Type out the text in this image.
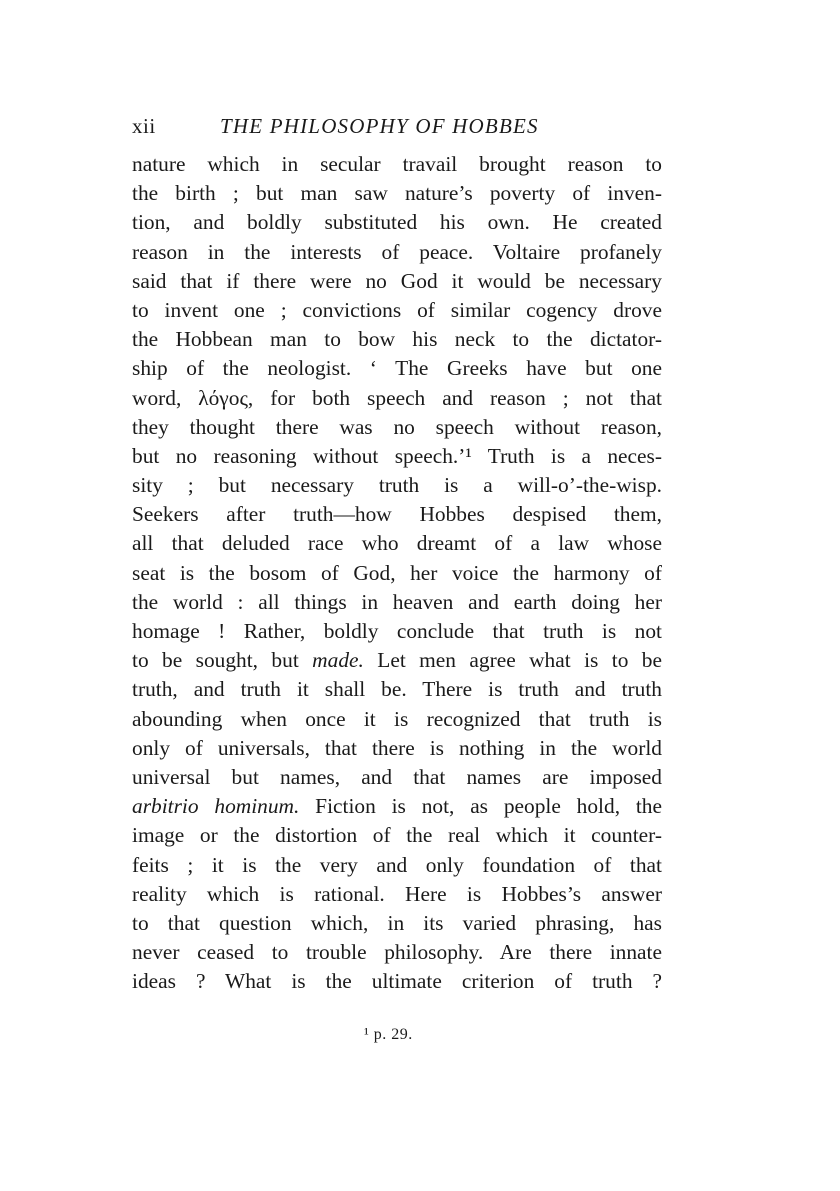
xii	THE PHILOSOPHY OF HOBBES
nature which in secular travail brought reason to
the birth ; but man saw nature’s poverty of inven-
tion, and boldly substituted his own. He created
reason in the interests of peace. Voltaire profanely
said that if there were no God it would be necessary
to invent one ; convictions of similar cogency drove
the Hobbean man to bow his neck to the dictator-
ship of the neologist. ‘ The Greeks have but one
word, λόγος, for both speech and reason ; not that
they thought there was no speech without reason,
but no reasoning without speech.’¹ Truth is a neces-
sity ; but necessary truth is a will-o’-the-wisp.
Seekers after truth—how Hobbes despised them,
all that deluded race who dreamt of a law whose
seat is the bosom of God, her voice the harmony of
the world : all things in heaven and earth doing her
homage ! Rather, boldly conclude that truth is not
to be sought, but made. Let men agree what is to be
truth, and truth it shall be. There is truth and truth
abounding when once it is recognized that truth is
only of universals, that there is nothing in the world
universal but names, and that names are imposed
arbitrio hominum. Fiction is not, as people hold, the
image or the distortion of the real which it counter-
feits ; it is the very and only foundation of that
reality which is rational. Here is Hobbes’s answer
to that question which, in its varied phrasing, has
never ceased to trouble philosophy. Are there innate
ideas ? What is the ultimate criterion of truth ?
¹ p. 29.
